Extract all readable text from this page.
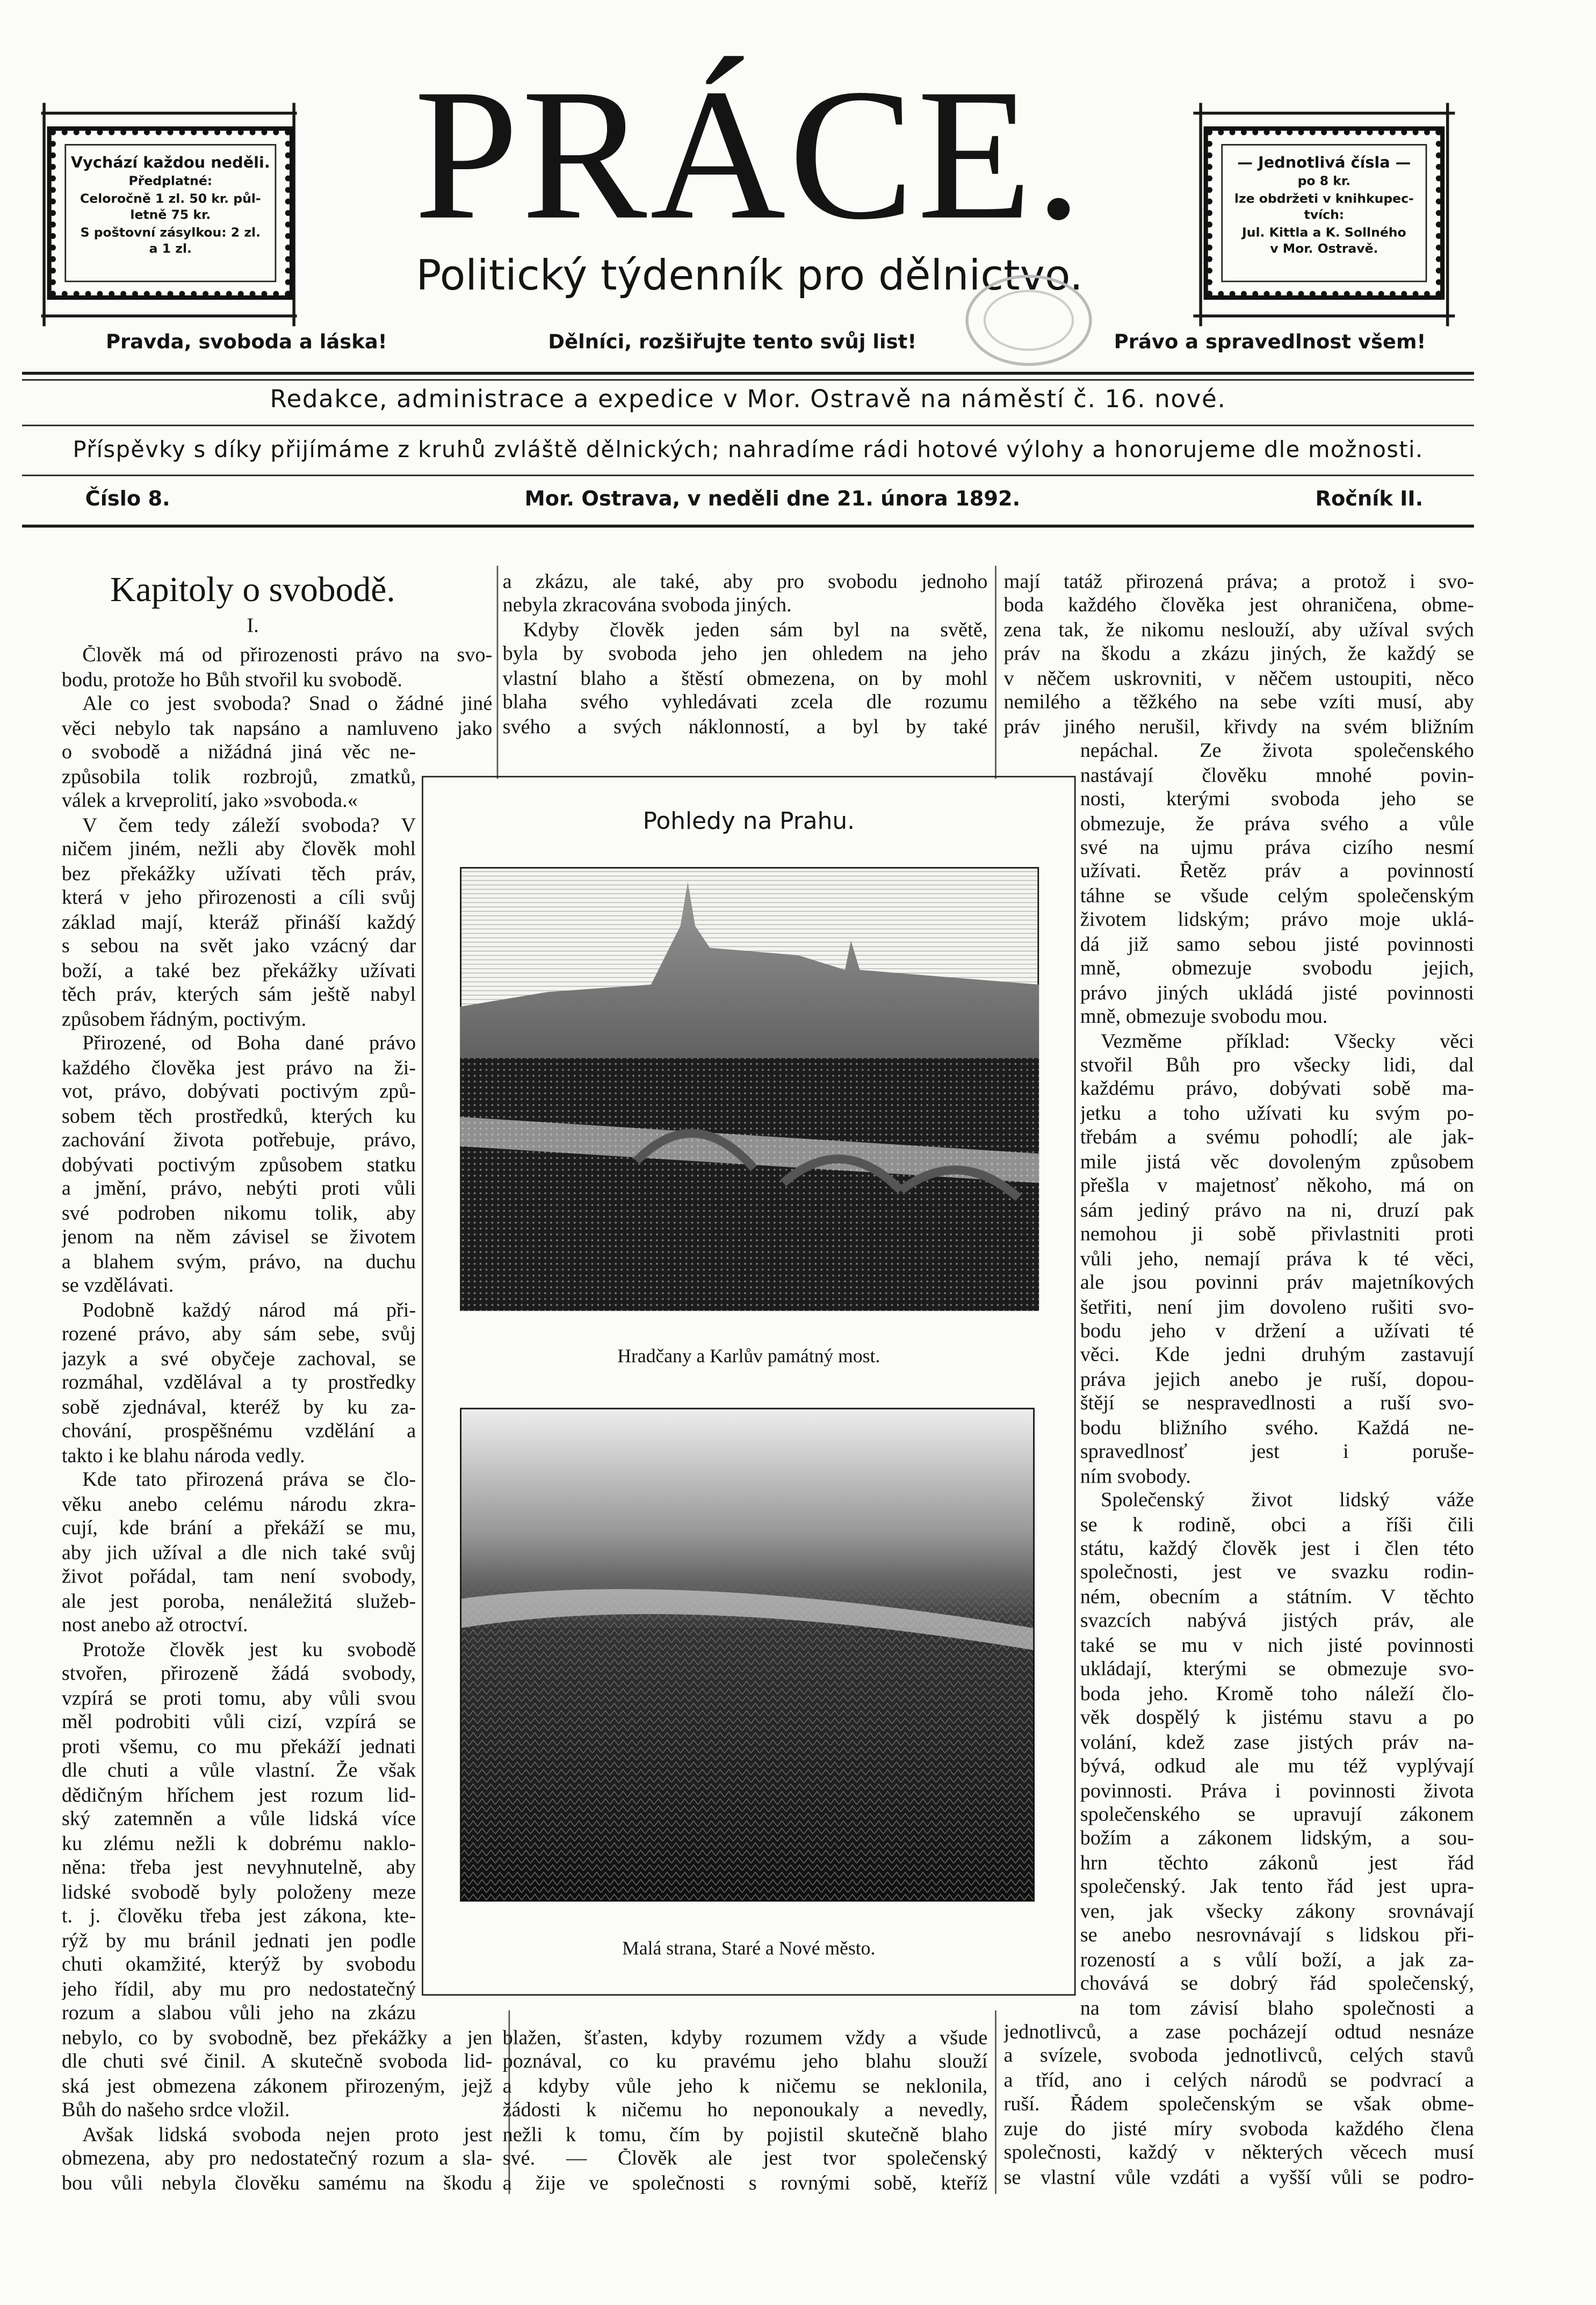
Vychází každou neděli.
Předplatné:
Celoročně 1 zl. 50 kr. půl-
letně 75 kr.
S poštovní zásylkou: 2 zl.
a 1 zl.
— Jednotlivá čísla —
po 8 kr.
lze obdržeti v knihkupec-
tvích:
Jul. Kittla a K. Sollného
v Mor. Ostravě.
PRÁCE.
Politický týdenník pro dělnictvo.
Pravda, svoboda a láska!	Dělníci, rozšiřujte tento svůj list!	Právo a spravedlnost všem!
Redakce, administrace a expedice v Mor. Ostravě na náměstí č. 16. nové.
Příspěvky s díky přijímáme z kruhů zvláště dělnických; nahradíme rádi hotové výlohy a honorujeme dle možnosti.
Číslo 8.	Mor. Ostrava, v neděli dne 21. února 1892.	Ročník II.
Kapitoly o svobodě.
I.
Člověk má od přirozenosti právo na svo-
bodu, protože ho Bůh stvořil ku svobodě.
Ale co jest svoboda? Snad o žádné jiné
věci nebylo tak napsáno a namluveno jako
o svobodě a nižádná jiná věc ne-
způsobila tolik rozbrojů, zmatků,
válek a krveprolití, jako »svoboda.«
V čem tedy záleží svoboda? V
ničem jiném, nežli aby člověk mohl
bez překážky užívati těch práv,
která v jeho přirozenosti a cíli svůj
základ mají, kteráž přináší každý
s sebou na svět jako vzácný dar
boží, a také bez překážky užívati
těch práv, kterých sám ještě nabyl
způsobem řádným, poctivým.
Přirozené, od Boha dané právo
každého člověka jest právo na ži-
vot, právo, dobývati poctivým způ-
sobem těch prostředků, kterých ku
zachování života potřebuje, právo,
dobývati poctivým způsobem statku
a jmění, právo, nebýti proti vůli
své podroben nikomu tolik, aby
jenom na něm závisel se životem
a blahem svým, právo, na duchu
se vzdělávati.
Podobně každý národ má při-
rozené právo, aby sám sebe, svůj
jazyk a své obyčeje zachoval, se
rozmáhal, vzdělával a ty prostředky
sobě zjednával, kteréž by ku za-
chování, prospěšnému vzdělání a
takto i ke blahu národa vedly.
Kde tato přirozená práva se člo-
věku anebo celému národu zkra-
cují, kde brání a překáží se mu,
aby jich užíval a dle nich také svůj
život pořádal, tam není svobody,
ale jest poroba, nenáležitá služeb-
nost anebo až otroctví.
Protože člověk jest ku svobodě
stvořen, přirozeně žádá svobody,
vzpírá se proti tomu, aby vůli svou
měl podrobiti vůli cizí, vzpírá se
proti všemu, co mu překáží jednati
dle chuti a vůle vlastní. Že však
dědičným hříchem jest rozum lid-
ský zatemněn a vůle lidská více
ku zlému nežli k dobrému naklo-
něna: třeba jest nevyhnutelně, aby
lidské svobodě byly položeny meze
t. j. člověku třeba jest zákona, kte-
rýž by mu bránil jednati jen podle
chuti okamžité, kterýž by svobodu
jeho řídil, aby mu pro nedostatečný
rozum a slabou vůli jeho na zkázu
nebylo, co by svobodně, bez překážky a jen
dle chuti své činil. A skutečně svoboda lid-
ská jest obmezena zákonem přirozeným, jejž
Bůh do našeho srdce vložil.
Avšak lidská svoboda nejen proto jest
obmezena, aby pro nedostatečný rozum a sla-
bou vůli nebyla člověku samému na škodu
a zkázu, ale také, aby pro svobodu jednoho
nebyla zkracována svoboda jiných.
Kdyby člověk jeden sám byl na světě,
byla by svoboda jeho jen ohledem na jeho
vlastní blaho a štěstí obmezena, on by mohl
blaha svého vyhledávati zcela dle rozumu
svého a svých náklonností, a byl by také
blažen, šťasten, kdyby rozumem vždy a všude
poznával, co ku pravému jeho blahu slouží
a kdyby vůle jeho k ničemu se neklonila,
žádosti k ničemu ho neponoukaly a nevedly,
nežli k tomu, čím by pojistil skutečně blaho
své. — Člověk ale jest tvor společenský
a žije ve společnosti s rovnými sobě, kteříž
mají tatáž přirozená práva; a protož i svo-
boda každého člověka jest ohraničena, obme-
zena tak, že nikomu neslouží, aby užíval svých
práv na škodu a zkázu jiných, že každý se
v něčem uskrovniti, v něčem ustoupiti, něco
nemilého a těžkého na sebe vzíti musí, aby
práv jiného nerušil, křivdy na svém bližním
nepáchal. Ze života společenského
nastávají člověku mnohé povin-
nosti, kterými svoboda jeho se
obmezuje, že práva svého a vůle
své na ujmu práva cizího nesmí
užívati. Řetěz práv a povinností
táhne se všude celým společenským
životem lidským; právo moje uklá-
dá již samo sebou jisté povinnosti
mně, obmezuje svobodu jejich,
právo jiných ukládá jisté povinnosti
mně, obmezuje svobodu mou.
Vezměme příklad: Všecky věci
stvořil Bůh pro všecky lidi, dal
každému právo, dobývati sobě ma-
jetku a toho užívati ku svým po-
třebám a svému pohodlí; ale jak-
mile jistá věc dovoleným způsobem
přešla v majetnosť někoho, má on
sám jediný právo na ni, druzí pak
nemohou ji sobě přivlastniti proti
vůli jeho, nemají práva k té věci,
ale jsou povinni práv majetníkových
šetřiti, není jim dovoleno rušiti svo-
bodu jeho v držení a užívati té
věci. Kde jedni druhým zastavují
práva jejich anebo je ruší, dopou-
štějí se nespravedlnosti a ruší svo-
bodu bližního svého. Každá ne-
spravedlnosť jest i poruše-
ním svobody.
Společenský život lidský váže
se k rodině, obci a říši čili
státu, každý člověk jest i člen této
společnosti, jest ve svazku rodin-
ném, obecním a státním. V těchto
svazcích nabývá jistých práv, ale
také se mu v nich jisté povinnosti
ukládají, kterými se obmezuje svo-
boda jeho. Kromě toho náleží člo-
věk dospělý k jistému stavu a po
volání, kdež zase jistých práv na-
bývá, odkud ale mu též vyplývají
povinnosti. Práva i povinnosti života
společenského se upravují zákonem
božím a zákonem lidským, a sou-
hrn těchto zákonů jest řád
společenský. Jak tento řád jest upra-
ven, jak všecky zákony srovnávají
se anebo nesrovnávají s lidskou při-
rozeností a s vůlí boží, a jak za-
chovává se dobrý řád společenský,
na tom závisí blaho společnosti a
jednotlivců, a zase pocházejí odtud nesnáze
a svízele, svoboda jednotlivců, celých stavů
a tříd, ano i celých národů se podvrací a
ruší. Řádem společenským se však obme-
zuje do jisté míry svoboda každého člena
společnosti, každý v některých věcech musí
se vlastní vůle vzdáti a vyšší vůli se podro-
Pohledy na Prahu.
Hradčany a Karlův památný most.
Malá strana, Staré a Nové město.
